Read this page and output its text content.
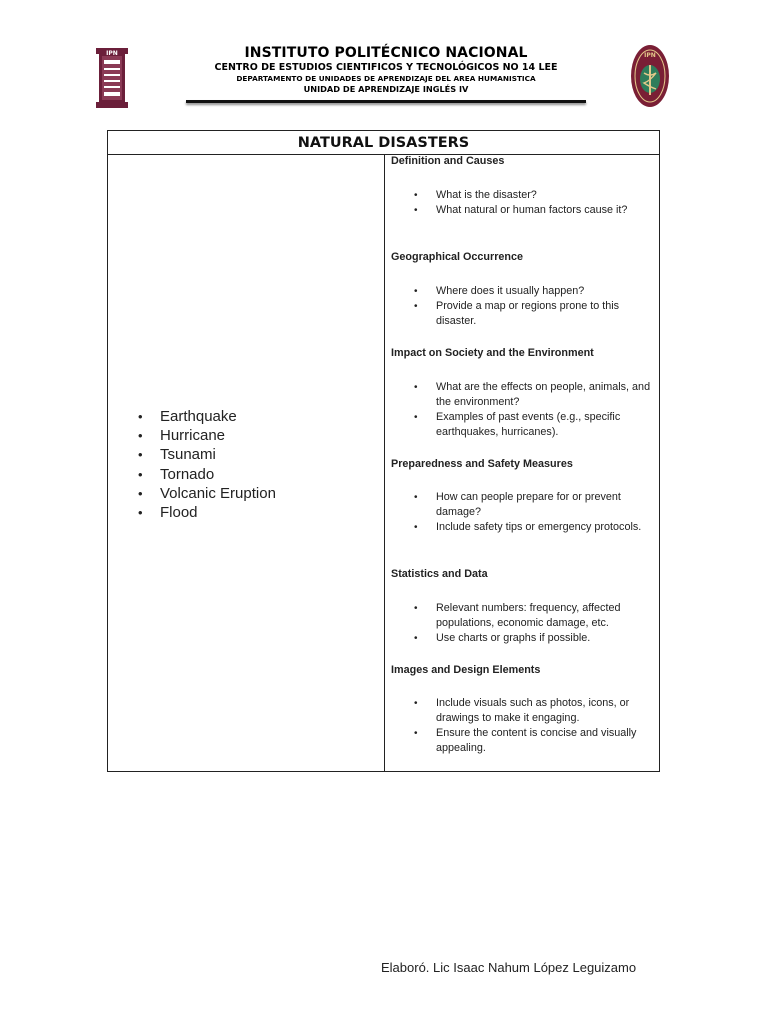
IPN	IPN
INSTITUTO POLITÉCNICO NACIONAL
CENTRO DE ESTUDIOS CIENTIFICOS Y TECNOLÓGICOS NO 14 LEE
DEPARTAMENTO DE UNIDADES DE APRENDIZAJE DEL AREA HUMANISTICA
UNIDAD DE APRENDIZAJE INGLÉS IV
NATURAL DISASTERS
• Earthquake
• Hurricane
• Tsunami
• Tornado
• Volcanic Eruption
• Flood
Definition and Causes
• What is the disaster?
• What natural or human factors cause it?
Geographical Occurrence
• Where does it usually happen?
• Provide a map or regions prone to this disaster.
Impact on Society and the Environment
• What are the effects on people, animals, and the environment?
• Examples of past events (e.g., specific earthquakes, hurricanes).
Preparedness and Safety Measures
• How can people prepare for or prevent damage?
• Include safety tips or emergency protocols.
Statistics and Data
• Relevant numbers: frequency, affected populations, economic damage, etc.
• Use charts or graphs if possible.
Images and Design Elements
• Include visuals such as photos, icons, or drawings to make it engaging.
• Ensure the content is concise and visually appealing.
Elaboró. Lic Isaac Nahum López Leguizamo
